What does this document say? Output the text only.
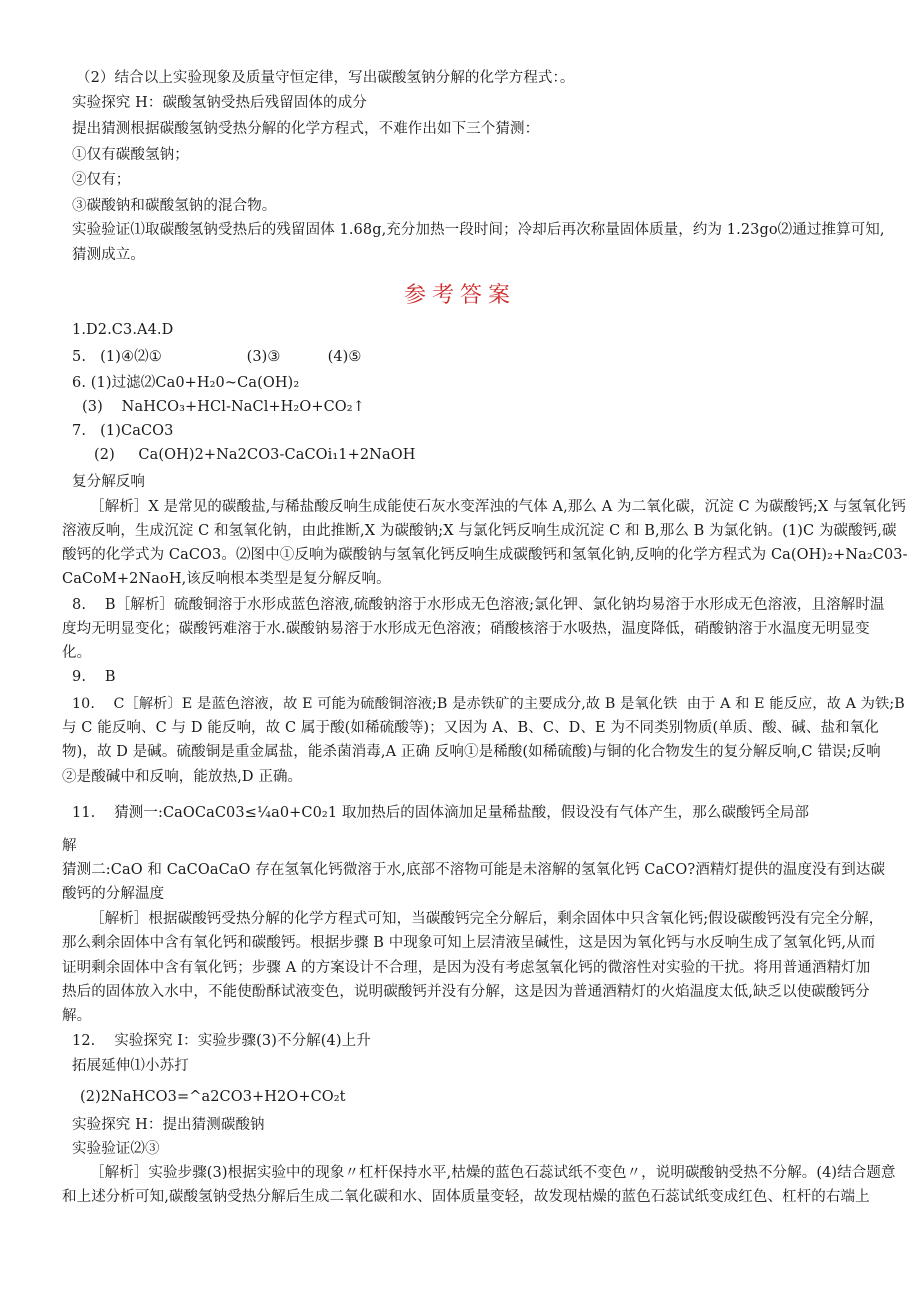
（2）结合以上实验现象及质量守恒定律，写出碳酸氢钠分解的化学方程式：。
实验探究 H：碳酸氢钠受热后残留固体的成分
提出猜测根据碳酸氢钠受热分解的化学方程式，不难作出如下三个猜测：
①仅有碳酸氢钠；
②仅有；
③碳酸钠和碳酸氢钠的混合物。
实验验证⑴取碳酸氢钠受热后的残留固体 1.68g,充分加热一段时间；冷却后再次称量固体质量，约为 1.23go⑵通过推算可知,
猜测成立。
参考答案
1.D2.C3.A4.D
5.   (1)④⑵①                  (3)③          (4)⑤
6. (1)过滤⑵Ca0+H₂0~Ca(OH)₂
(3)    NaHCO₃+HCl-NaCl+H₂O+CO₂↑
7.   (1)CaCO3
(2)     Ca(OH)2+Na2CO3-CaCOi₁1+2NaOH
复分解反响
［解析］X 是常见的碳酸盐,与稀盐酸反响生成能使石灰水变浑浊的气体 A,那么 A 为二氧化碳，沉淀 C 为碳酸钙;X 与氢氧化钙
溶液反响，生成沉淀 C 和氢氧化钠，由此推断,X 为碳酸钠;X 与氯化钙反响生成沉淀 C 和 B,那么 B 为氯化钠。(1)C 为碳酸钙,碳
酸钙的化学式为 CaCO3。⑵图中①反响为碳酸钠与氢氧化钙反响生成碳酸钙和氢氧化钠,反响的化学方程式为 Ca(OH)₂+Na₂C03-
CaCoM+2NaoH,该反响根本类型是复分解反响。
8.    B［解析］硫酸铜溶于水形成蓝色溶液,硫酸钠溶于水形成无色溶液;氯化钾、氯化钠均易溶于水形成无色溶液，且溶解时温
度均无明显变化；碳酸钙难溶于水.碳酸钠易溶于水形成无色溶液；硝酸核溶于水吸热，温度降低，硝酸钠溶于水温度无明显变
化。
9.    B
10.    C［解析〕E 是蓝色溶液，故 E 可能为硫酸铜溶液;B 是赤铁矿的主要成分,故 B 是氧化铁  由于 A 和 E 能反应，故 A 为铁;B
与 C 能反响、C 与 D 能反响，故 C 属于酸(如稀硫酸等)；又因为 A、B、C、D、E 为不同类别物质(单质、酸、碱、盐和氧化
物)，故 D 是碱。硫酸铜是重金属盐，能杀菌消毒,A 正确 反响①是稀酸(如稀硫酸)与铜的化合物发生的复分解反响,C 错误;反响
②是酸碱中和反响，能放热,D 正确。
11.    猜测一:CaOCaC03≤¼a0+C0₂1 取加热后的固体滴加足量稀盐酸，假设没有气体产生，那么碳酸钙全局部
解
猜测二:CaO 和 CaCOaCaO 存在氢氧化钙微溶于水,底部不溶物可能是未溶解的氢氧化钙 CaCO?酒精灯提供的温度没有到达碳
酸钙的分解温度
［解析］根据碳酸钙受热分解的化学方程式可知，当碳酸钙完全分解后，剩余固体中只含氧化钙;假设碳酸钙没有完全分解，
那么剩余固体中含有氧化钙和碳酸钙。根据步骤 B 中现象可知上层清液呈碱性，这是因为氧化钙与水反响生成了氢氧化钙,从而
证明剩余固体中含有氧化钙；步骤 A 的方案设计不合理，是因为没有考虑氢氧化钙的微溶性对实验的干扰。将用普通酒精灯加
热后的固体放入水中，不能使酚酥试液变色，说明碳酸钙并没有分解，这是因为普通酒精灯的火焰温度太低,缺乏以使碳酸钙分
解。
12.    实验探究 I：实验步骤(3)不分解(4)上升
拓展延伸⑴小苏打
(2)2NaHCO3=^a2CO3+H2O+CO₂t
实验探究 H：提出猜测碳酸钠
实验验证⑵③
［解析］实验步骤(3)根据实验中的现象〃杠杆保持水平,枯燥的蓝色石蕊试纸不变色〃，说明碳酸钠受热不分解。(4)结合题意
和上述分析可知,碳酸氢钠受热分解后生成二氧化碳和水、固体质量变轻，故发现枯燥的蓝色石蕊试纸变成红色、杠杆的右端上
